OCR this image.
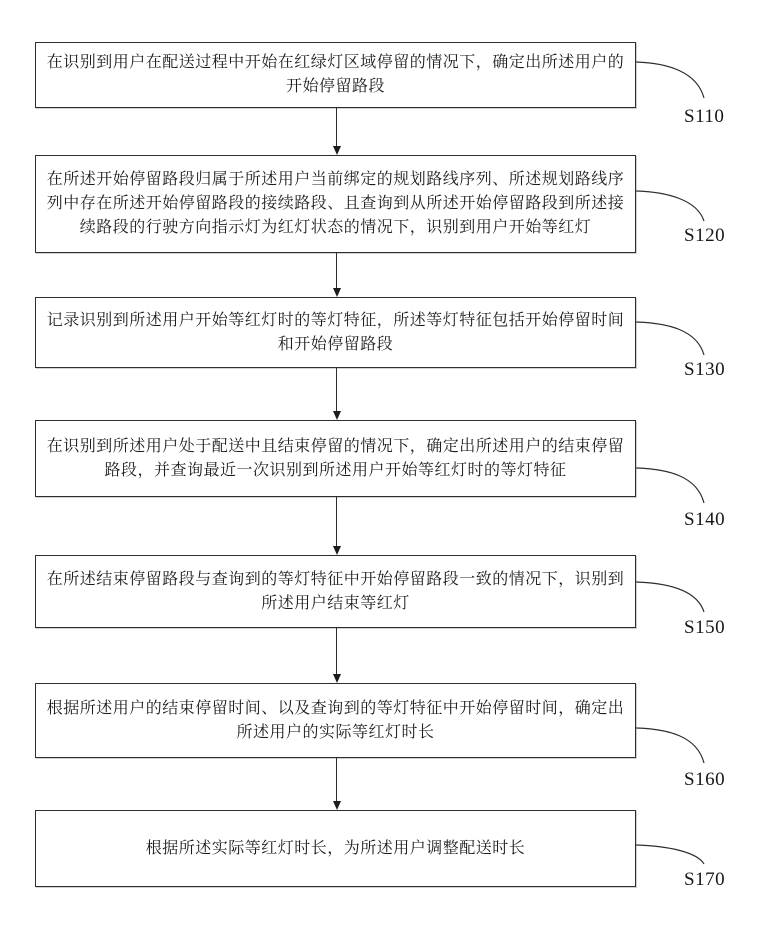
在识别到用户在配送过程中开始在红绿灯区域停留的情况下，确定出所述用户的开始停留路段
在所述开始停留路段归属于所述用户当前绑定的规划路线序列、所述规划路线序列中存在所述开始停留路段的接续路段、且查询到从所述开始停留路段到所述接续路段的行驶方向指示灯为红灯状态的情况下，识别到用户开始等红灯
记录识别到所述用户开始等红灯时的等灯特征，所述等灯特征包括开始停留时间和开始停留路段
在识别到所述用户处于配送中且结束停留的情况下，确定出所述用户的结束停留路段，并查询最近一次识别到所述用户开始等红灯时的等灯特征
在所述结束停留路段与查询到的等灯特征中开始停留路段一致的情况下，识别到所述用户结束等红灯
根据所述用户的结束停留时间、以及查询到的等灯特征中开始停留时间，确定出所述用户的实际等红灯时长
根据所述实际等红灯时长，为所述用户调整配送时长
S110
S120
S130
S140
S150
S160
S170
